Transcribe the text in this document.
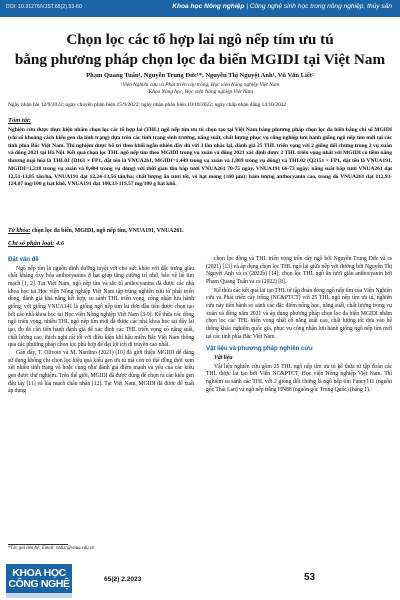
DOI: 10.31276/VJST.65(2).53-60	Khoa học Nông nghiệp | Công nghệ sinh học trong nông nghiệp, thủy sản
Chọn lọc các tổ hợp lai ngô nếp tím ưu tú
bằng phương pháp chọn lọc đa biến MGIDI tại Việt Nam
Phạm Quang Tuấn¹, Nguyễn Trung Đức¹*, Nguyễn Thị Nguyệt Anh¹, Vũ Văn Liết²
¹Viện Nghiên cứu và Phát triển cây trồng, Học viện Nông nghiệp Việt Nam
²Khoa Nông học, Học viện Nông nghiệp Việt Nam
Ngày nhận bài 12/9/2022; ngày chuyển phản biện 15/9/2022; ngày nhận phản biện 10/10/2022; ngày chấp nhận đăng 14/10/2022
Tóm tắt:
Nghiên cứu được thực hiện nhằm chọn lọc các tổ hợp lai (THL) ngô nếp tím ưu tú chọn tạo tại Việt Nam bằng phương pháp chọn lọc đa biến bằng chỉ số MGIDI (chỉ số khoảng cách kiểu gen đa tính trạng) dựa trên các tính trạng sinh trưởng, năng suất, chất lượng phục vụ công nghiệp lưu hành giống ngô nếp tím mới tại các tỉnh phía Bắc Việt Nam. Thí nghiệm được bố trí theo khối ngẫu nhiên đầy đủ với 3 lần nhắc lại, đánh giá 25 THL triển vọng với 2 giống đối chứng trong 2 vụ xuân và đông 2021 tại Hà Nội. Kết quả chọn lọc THL ngô nếp tím theo MGIDI trong vụ xuân và đông 2021 xác định được 2 THL triển vọng nhất với MGIDI có tiềm năng thương mại hóa là THL01 (D161 × FP1, đặt tên là VNUA261, MGIDI=1,449 trong vụ xuân và 1,869 trong vụ đông) và THL02 (Q2151 × FP1, đặt tên là VNUA191, MGIDI=1,218 trong vụ xuân và 0,404 trong vụ đông) với thời gian thu bắp tươi VNUA261 70-75 ngày, VNUA191 66-73 ngày; năng suất bắp tươi VNUA261 đạt 12,51-13,85 tấn/ha, VNUA191 đạt 12,24-13,56 tấn/ha; chất lượng ăn tươi tốt, vỏ hạt mỏng (≤60 µm); hàm lượng anthocyanin cao, trong đó VNUA261 đạt 112,93-124,07 mg/100 g hạt khô, VNUA191 đạt 100,33-119,57 mg/100 g hạt khô.
Từ khóa: chọn lọc đa biến, MGIDI, ngô nếp tím, VNUA191, VNUA261.
Chỉ số phân loại: 4.6
Đặt vấn đề

Ngô nếp tím là nguồn dinh dưỡng tuyệt vời cho sức khỏe với đặc trưng giàu chất kháng ôxy hóa anthocyanins ở hạt giúp tăng cường trí nhớ, bảo vệ hệ tim mạch [1, 2]. Tại Việt Nam, ngô nếp tím và sắc tố anthocyanins đã được các nhà khoa học tại Học viện Nông nghiệp Việt Nam tập trung nghiên cứu từ phát triển dòng, đánh giá khả năng kết hợp, so sánh THL triển vọng, công nhận lưu hành giống, với giống VNUA141 là giống ngô nếp tím lai đơn đầu tiên được chọn tạo bởi các nhà khoa học tại Học viện Nông nghiệp Việt Nam [3-9]. Kế thừa các dòng ngô triển vọng, nhiều THL ngô nếp tím mới đã được các nhà khoa học tại đây lai tạo, đo đó cần tiến hành đánh giá để xác định các THL triển vọng có năng suất, chất lượng cao, thích nghi rất tốt với điều kiện khí hậu miền Bắc Việt Nam thông qua các phương pháp chọn lọc phù hợp để đạt lợi ích di truyền cao nhất.

Gần đây, T. Olivoto và M. Nardino (2021) [10] đã giới thiệu MGIDI để đáng sử dụng không chỉ chọn lọc hiệu quả kiểu gen ưu tú mà còn có thể đồng thời xem xét nhiều tính trạng và hoặc cùng như đánh giá điểm mạnh và yếu của các kiểu gen được thử nghiệm. Trên thế giới, MGIDI đã được dùng để chọn ra các kiểu gen đậu tây [11] và lúa mạch châu nhân [12]. Tại Việt Nam, MGIDI đã được để xuất áp dụng

chọn lọc dòng và THL triển vọng trên cây ngô bởi Nguyễn Trung Đức và cs (2021) [13] và áp dụng chọn lọc THL ngô lai giữa nếp với đường bởi Nguyễn Thị Nguyệt Anh và cs (2022b) [14]; chọn lọc THL ngô ăn tươi giàu anthocyanin bởi Phạm Quang Tuấn và cs (2022) [8].

Kế thừa các kết quả lai tạo THL từ tập đoàn dòng ngô nếp tím của Viện Nghiên cứu và Phát triển cây trồng (NC&PTCT) với 25 THL ngô nếp tím ưu tú, nghiên cứu này tiến hành so sánh các đặc điểm nông học, năng suất, chất lượng trong vụ xuân và đông năm 2021 và áp dụng phương pháp chọn lọc đa biến MGIDI nhằm chọn lọc các THL triển vọng nhất có năng suất cao, chất lượng tốt dựa vào hệ thống khảo nghiệm quốc gia, phục vụ công nhận lưu hành giống ngô nếp tím mới tại các tỉnh phía Bắc Việt Nam.

Vật liệu và phương pháp nghiên cứu
Vật liệu

Vật liệu nghiên cứu gồm 25 THL ngô nếp tím ưu tú kế thừa từ tập đoàn các THL được lai tạo bởi Viện NC&PTCT, Học viện Nông nghiệp Việt Nam. Thí nghiệm so sánh các THL với 2 giống đối chứng là ngô nếp tím Fancy111 (nguồn gốc Thái Lan) và ngô nếp trắng HN88 (nguồn gốc Trung Quốc) (bảng 1).

*Tác giả liên hệ: Email: ntduc@vnua.edu.vn
KHOA HỌC
CÔNG NGHỆ	65(2) 2.2023	53
